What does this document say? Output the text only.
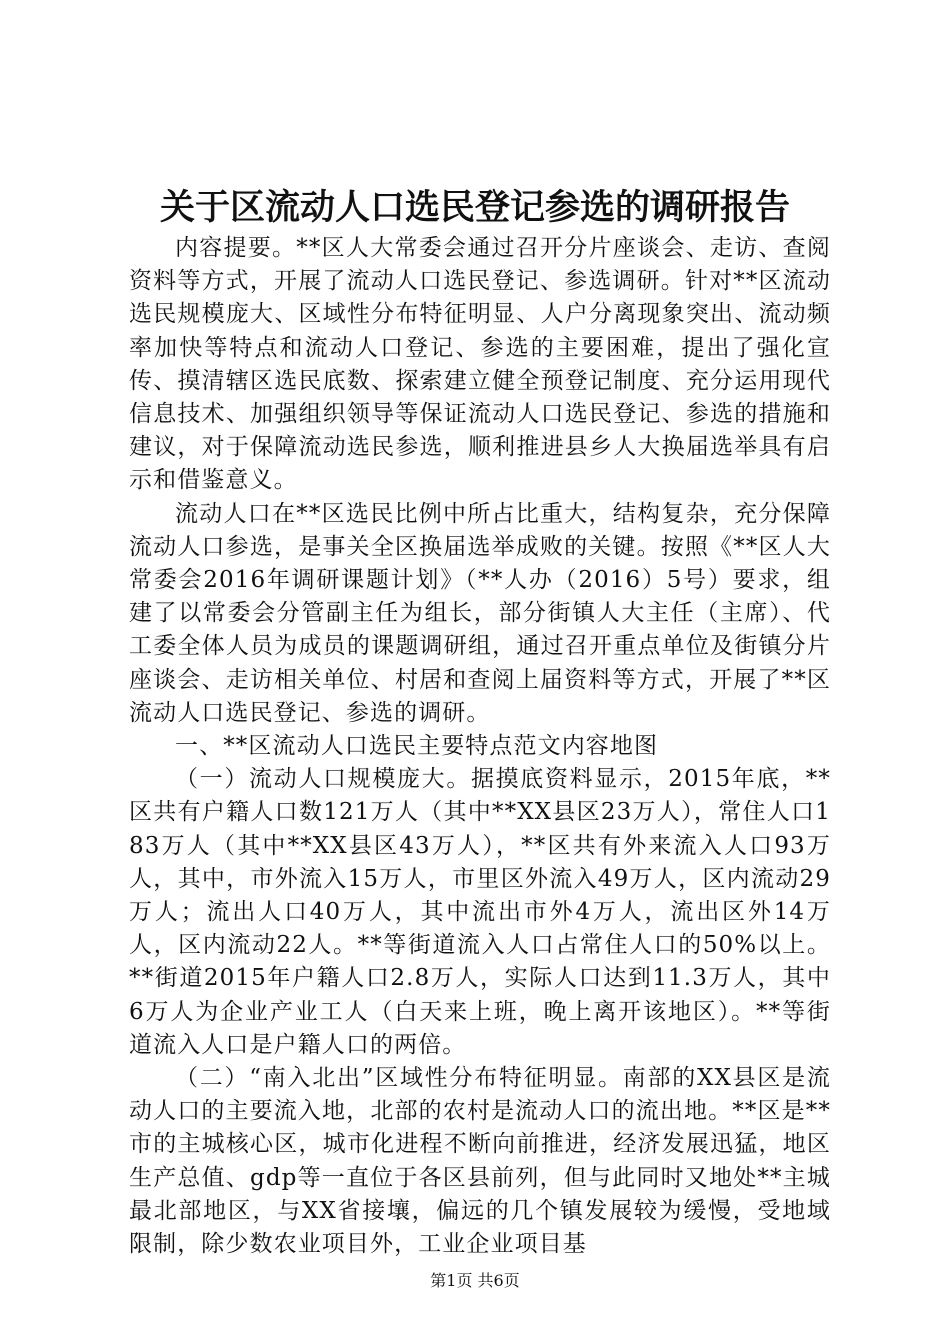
关于区流动人口选民登记参选的调研报告

内容提要。**区人大常委会通过召开分片座谈会、走访、查阅资料等方式，开展了流动人口选民登记、参选调研。针对**区流动选民规模庞大、区域性分布特征明显、人户分离现象突出、流动频率加快等特点和流动人口登记、参选的主要困难，提出了强化宣传、摸清辖区选民底数、探索建立健全预登记制度、充分运用现代信息技术、加强组织领导等保证流动人口选民登记、参选的措施和建议，对于保障流动选民参选，顺利推进县乡人大换届选举具有启示和借鉴意义。

流动人口在**区选民比例中所占比重大，结构复杂，充分保障流动人口参选，是事关全区换届选举成败的关键。按照《**区人大常委会2016年调研课题计划》（**人办（2016）5号）要求，组建了以常委会分管副主任为组长，部分街镇人大主任（主席）、代工委全体人员为成员的课题调研组，通过召开重点单位及街镇分片座谈会、走访相关单位、村居和查阅上届资料等方式，开展了**区流动人口选民登记、参选的调研。

一、**区流动人口选民主要特点范文内容地图

（一）流动人口规模庞大。据摸底资料显示，2015年底，**区共有户籍人口数121万人（其中**XX县区23万人），常住人口183万人（其中**XX县区43万人），**区共有外来流入人口93万人，其中，市外流入15万人，市里区外流入49万人，区内流动29万人；流出人口40万人，其中流出市外4万人，流出区外14万人，区内流动22人。**等街道流入人口占常住人口的50%以上。**街道2015年户籍人口2.8万人，实际人口达到11.3万人，其中6万人为企业产业工人（白天来上班，晚上离开该地区）。**等街道流入人口是户籍人口的两倍。

（二）“南入北出”区域性分布特征明显。南部的XX县区是流动人口的主要流入地，北部的农村是流动人口的流出地。**区是**市的主城核心区，城市化进程不断向前推进，经济发展迅猛，地区生产总值、gdp等一直位于各区县前列，但与此同时又地处**主城最北部地区，与XX省接壤，偏远的几个镇发展较为缓慢，受地域限制，除少数农业项目外，工业企业项目基

第1页 共6页
